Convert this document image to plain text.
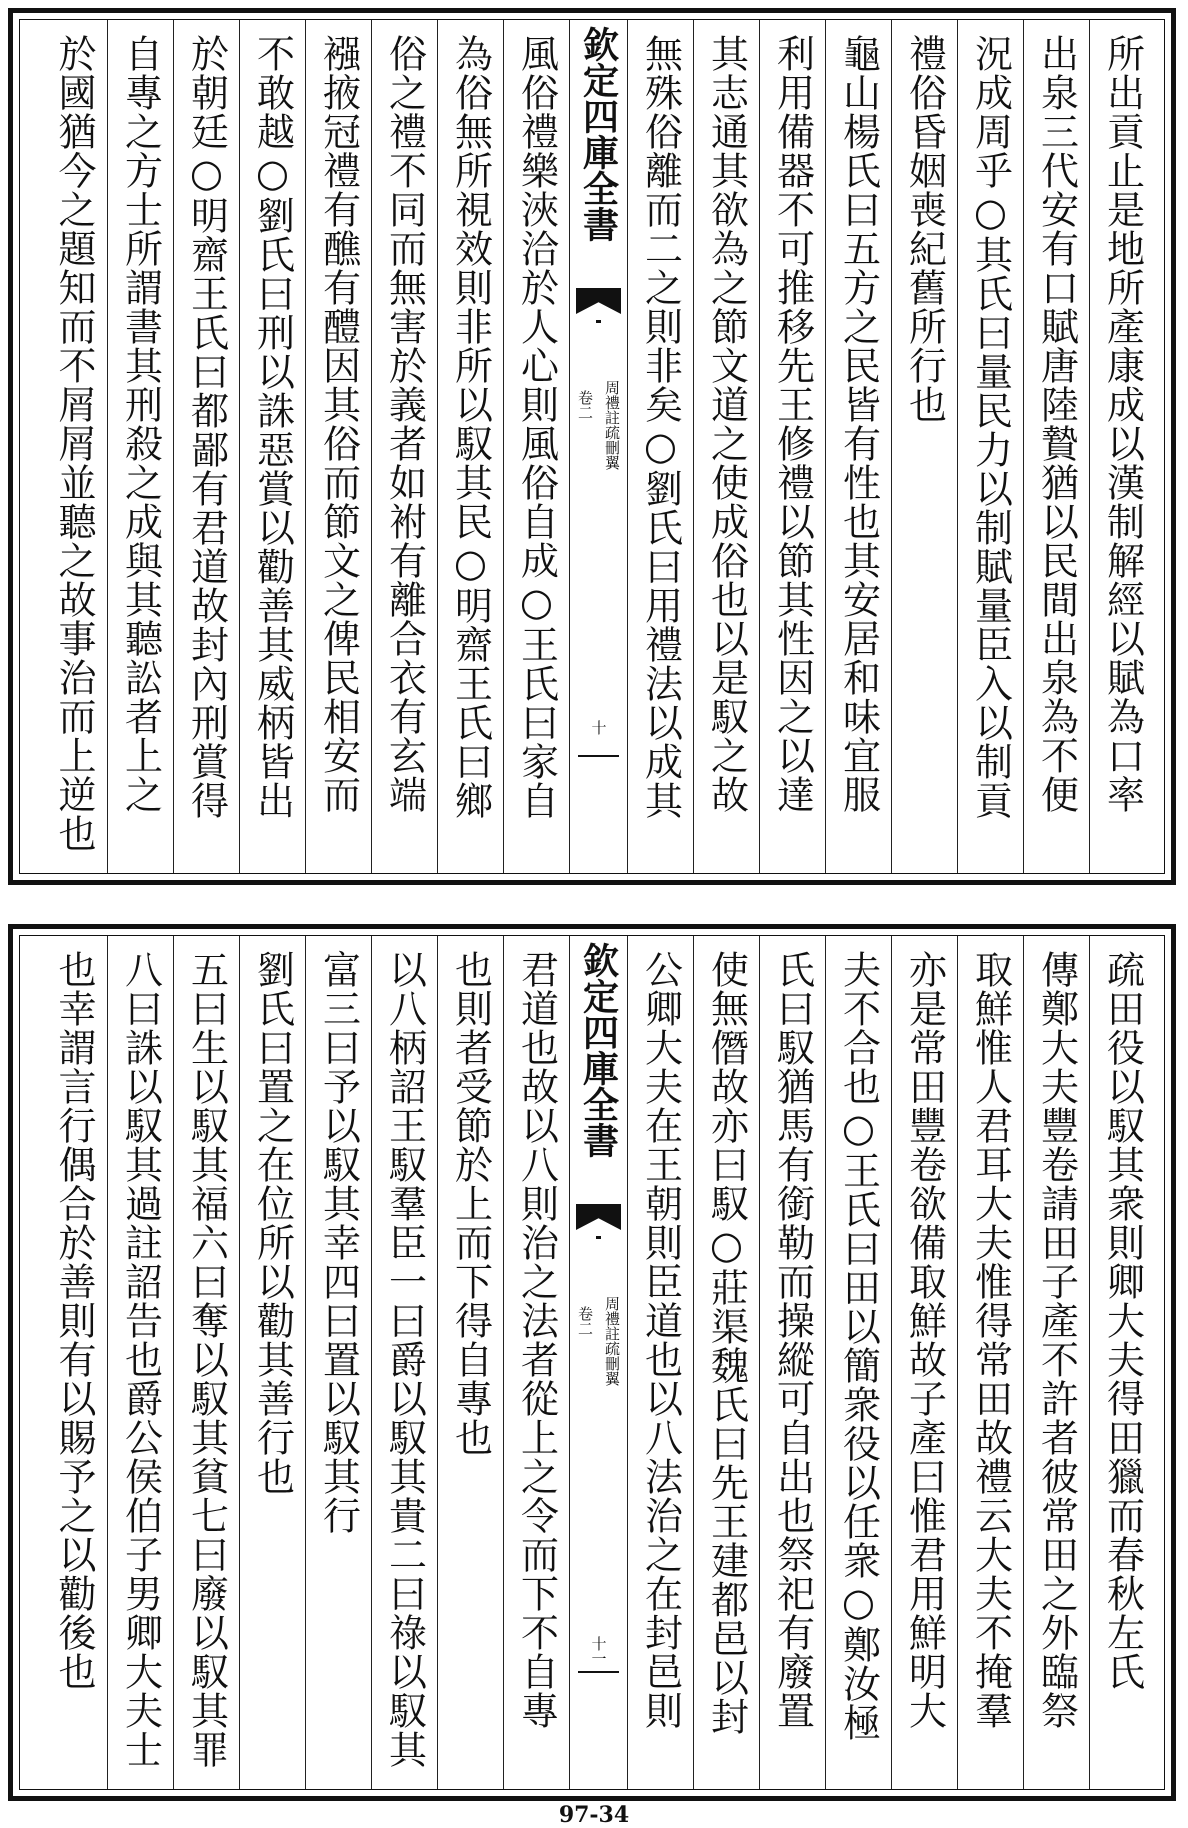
所出貢止是地所產康成以漢制解經以賦為口率
出泉三代安有口賦唐陸贄猶以民間出泉為不便
況成周乎○其氏曰量民力以制賦量臣入以制貢
禮俗昏姻喪紀舊所行也
龜山楊氏曰五方之民皆有性也其安居和味宜服
利用備器不可推移先王修禮以節其性因之以達
其志通其欲為之節文道之使成俗也以是馭之故
無殊俗離而二之則非矣○劉氏曰用禮法以成其
欽定四庫全書
卷二 周禮註疏刪翼
十
風俗禮樂浹洽於人心則風俗自成○王氏曰家自
為俗無所視效則非所以馭其民○明齋王氏曰鄉
俗之禮不同而無害於義者如袝有離合衣有玄端
襁掖冠禮有醮有醴因其俗而節文之俾民相安而
不敢越○劉氏曰刑以誅惡賞以勸善其威柄皆出
於朝廷○明齋王氏曰都鄙有君道故封內刑賞得
自專之方士所謂書其刑殺之成與其聽訟者上之
於國猶今之題知而不屑屑並聽之故事治而上逆也
疏田役以馭其衆則卿大夫得田獵而春秋左氏
傳鄭大夫豐卷請田子產不許者彼常田之外臨祭
取鮮惟人君耳大夫惟得常田故禮云大夫不掩羣
亦是常田豐卷欲備取鮮故子產曰惟君用鮮明大
夫不合也○王氏曰田以簡衆役以任衆○鄭汝極
氏曰馭猶馬有銜勒而操縱可自出也祭祀有廢置
使無僭故亦曰馭○莊渠魏氏曰先王建都邑以封
公卿大夫在王朝則臣道也以八法治之在封邑則
欽定四庫全書
卷二 周禮註疏刪翼
十一
君道也故以八則治之法者從上之令而下不自專
也則者受節於上而下得自專也
以八柄詔王馭羣臣一曰爵以馭其貴二曰祿以馭其
富三曰予以馭其幸四曰置以馭其行
劉氏曰置之在位所以勸其善行也
五曰生以馭其福六曰奪以馭其貧七曰廢以馭其罪
八曰誅以馭其過註詔告也爵公侯伯子男卿大夫士
也幸謂言行偶合於善則有以賜予之以勸後也
97-34
